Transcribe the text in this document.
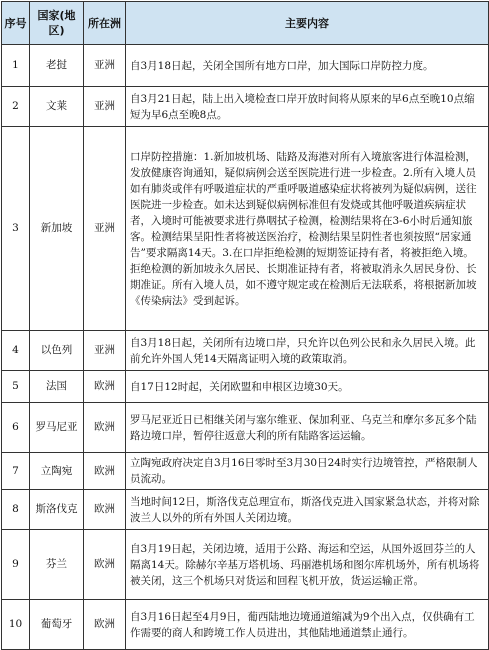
序号	国家(地区)	所在洲	主要内容
1	老挝	亚洲	自3月18日起，关闭全国所有地方口岸，加大国际口岸防控力度。
2	文莱	亚洲	自3月21日起，陆上出入境检查口岸开放时间将从原来的早6点至晚10点缩短为早6点至晚8点。
3	新加坡	亚洲	口岸防控措施：1.新加坡机场、陆路及海港对所有入境旅客进行体温检测，发放健康咨询通知，疑似病例会送至医院进行进一步检查。2.所有入境人员如有肺炎或伴有呼吸道症状的严重呼吸道感染症状将被列为疑似病例，送往医院进一步检查。如未达到疑似病例标准但有发烧或其他呼吸道疾病症状者，入境时可能被要求进行鼻咽拭子检测，检测结果将在3-6小时后通知旅客。检测结果呈阳性者将被送医治疗，检测结果呈阴性者也须按照“居家通告”要求隔离14天。3.在口岸拒绝检测的短期签证持有者，将被拒绝入境。拒绝检测的新加坡永久居民、长期准证持有者，将被取消永久居民身份、长期准证。所有入境人员，如不遵守规定或在检测后无法联系，将根据新加坡《传染病法》受到起诉。
4	以色列	亚洲	自3月18日起，关闭所有边境口岸，只允许以色列公民和永久居民入境。此前允许外国人凭14天隔离证明入境的政策取消。
5	法国	欧洲	自17日12时起，关闭欧盟和申根区边境30天。
6	罗马尼亚	欧洲	罗马尼亚近日已相继关闭与塞尔维亚、保加利亚、乌克兰和摩尔多瓦多个陆路边境口岸，暂停往返意大利的所有陆路客运运输。
7	立陶宛	欧洲	立陶宛政府决定自3月16日零时至3月30日24时实行边境管控，严格限制人员流动。
8	斯洛伐克	欧洲	当地时间12日，斯洛伐克总理宣布，斯洛伐克进入国家紧急状态，并将对除波兰人以外的所有外国人关闭边境。
9	芬兰	欧洲	自3月19日起，关闭边境，适用于公路、海运和空运，从国外返回芬兰的人隔离14天。除赫尔辛基万塔机场、玛丽港机场和图尔库机场外，所有机场将被关闭，这三个机场只对货运和回程飞机开放，货运运输正常。
10	葡萄牙	欧洲	自3月16日起至4月9日，葡西陆地边境通道缩减为9个出入点，仅供确有工作需要的商人和跨境工作人员进出，其他陆地通道禁止通行。
